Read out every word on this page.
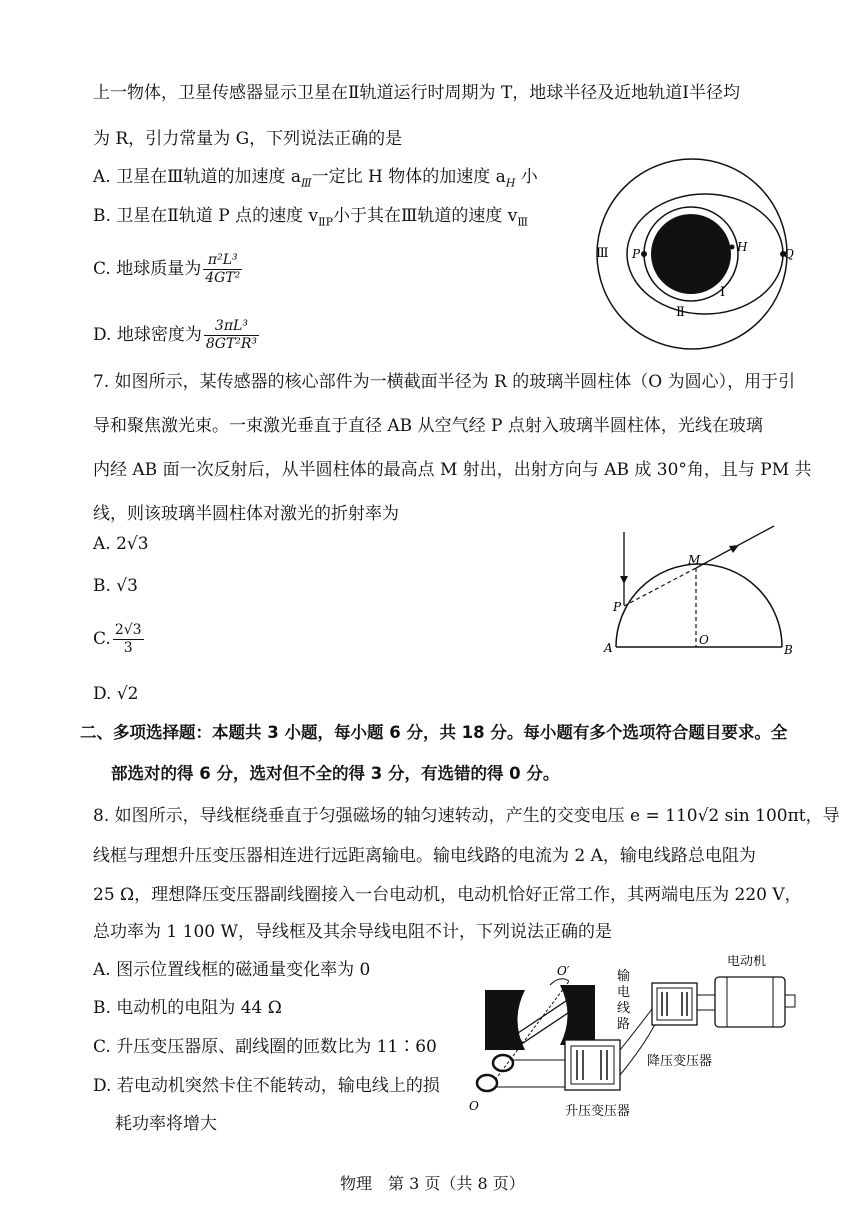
上一物体，卫星传感器显示卫星在Ⅱ轨道运行时周期为 T，地球半径及近地轨道Ⅰ半径均
为 R，引力常量为 G，下列说法正确的是
A. 卫星在Ⅲ轨道的加速度 $a_Ⅲ$一定比 H 物体的加速度 $a_H$ 小
B. 卫星在Ⅱ轨道 P 点的速度 $v_{ⅡP}$小于其在Ⅲ轨道的速度 $v_Ⅲ$
C. 地球质量为 $\frac{\text{π²L³}}{\text{4GT²}}$
D. 地球密度为 $\frac{\text{3πL³}}{\text{8GT²R³}}$
Ⅲ P	H	Q
Ⅰ
Ⅱ
7. 如图所示，某传感器的核心部件为一横截面半径为 R 的玻璃半圆柱体（O 为圆心），用于引
导和聚焦激光束。一束激光垂直于直径 AB 从空气经 P 点射入玻璃半圆柱体，光线在玻璃
内经 AB 面一次反射后，从半圆柱体的最高点 M 射出，出射方向与 AB 成 30°角，且与 PM 共
线，则该玻璃半圆柱体对激光的折射率为
A. 2√3
B. √3
C. $\frac{2√3}{3}$
D. √2
M
P
A
O
B
二、多项选择题：本题共 3 小题，每小题 6 分，共 18 分。每小题有多个选项符合题目要求。全
部选对的得 6 分，选对但不全的得 3 分，有选错的得 0 分。
8. 如图所示，导线框绕垂直于匀强磁场的轴匀速转动，产生的交变电压 e = 110√2 sin 100πt，导
线框与理想升压变压器相连进行远距离输电。输电线路的电流为 2 A，输电线路总电阻为
25 Ω，理想降压变压器副线圈接入一台电动机，电动机恰好正常工作，其两端电压为 220 V，
总功率为 1 100 W，导线框及其余导线电阻不计，下列说法正确的是
A. 图示位置线框的磁通量变化率为 0
B. 电动机的电阻为 44 Ω
C. 升压变压器原、副线圈的匝数比为 11∶60
D. 若电动机突然卡住不能转动，输电线上的损
耗功率将增大
O′
O	升压变压器
输
电
线
路
降压变压器
电动机
物理　第 3 页（共 8 页）
